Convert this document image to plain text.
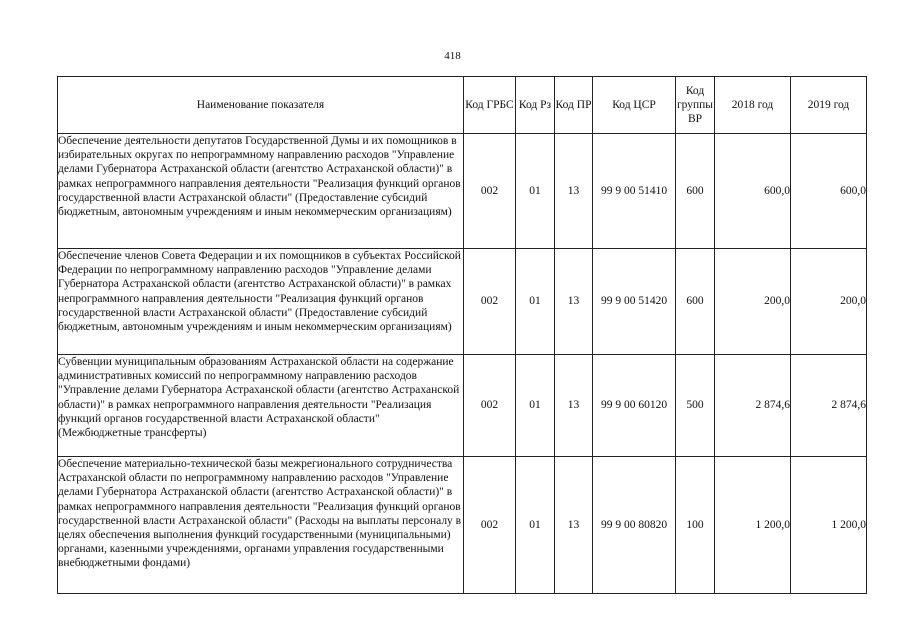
418
Наименование показателя	Код ГРБС	Код Рз	Код ПР	Код ЦСР	Код группы ВР	2018 год	2019 год
Обеспечение деятельности депутатов Государственной Думы и их помощников в избирательных округах по непрограммному направлению расходов "Управление делами Губернатора Астраханской области (агентство Астраханской области)" в рамках непрограммного направления деятельности "Реализация функций органов государственной власти Астраханской области" (Предоставление субсидий бюджетным, автономным учреждениям и иным некоммерческим организациям)	002	01	13	99 9 00 51410	600	600,0	600,0
Обеспечение членов Совета Федерации и их помощников в субъектах Российской Федерации по непрограммному направлению расходов "Управление делами Губернатора Астраханской области (агентство Астраханской области)" в рамках непрограммного направления деятельности "Реализация функций органов государственной власти Астраханской области" (Предоставление субсидий бюджетным, автономным учреждениям и иным некоммерческим организациям)	002	01	13	99 9 00 51420	600	200,0	200,0
Субвенции муниципальным образованиям Астраханской области на содержание административных комиссий по непрограммному направлению расходов "Управление делами Губернатора Астраханской области (агентство Астраханской области)" в рамках непрограммного направления деятельности "Реализация функций органов государственной власти Астраханской области" (Межбюджетные трансферты)	002	01	13	99 9 00 60120	500	2 874,6	2 874,6
Обеспечение материально-технической базы межрегионального сотрудничества Астраханской области по непрограммному направлению расходов "Управление делами Губернатора Астраханской области (агентство Астраханской области)" в рамках непрограммного направления деятельности "Реализация функций органов государственной власти Астраханской области" (Расходы на выплаты персоналу в целях обеспечения выполнения функций государственными (муниципальными) органами, казенными учреждениями, органами управления государственными внебюджетными фондами)	002	01	13	99 9 00 80820	100	1 200,0	1 200,0
